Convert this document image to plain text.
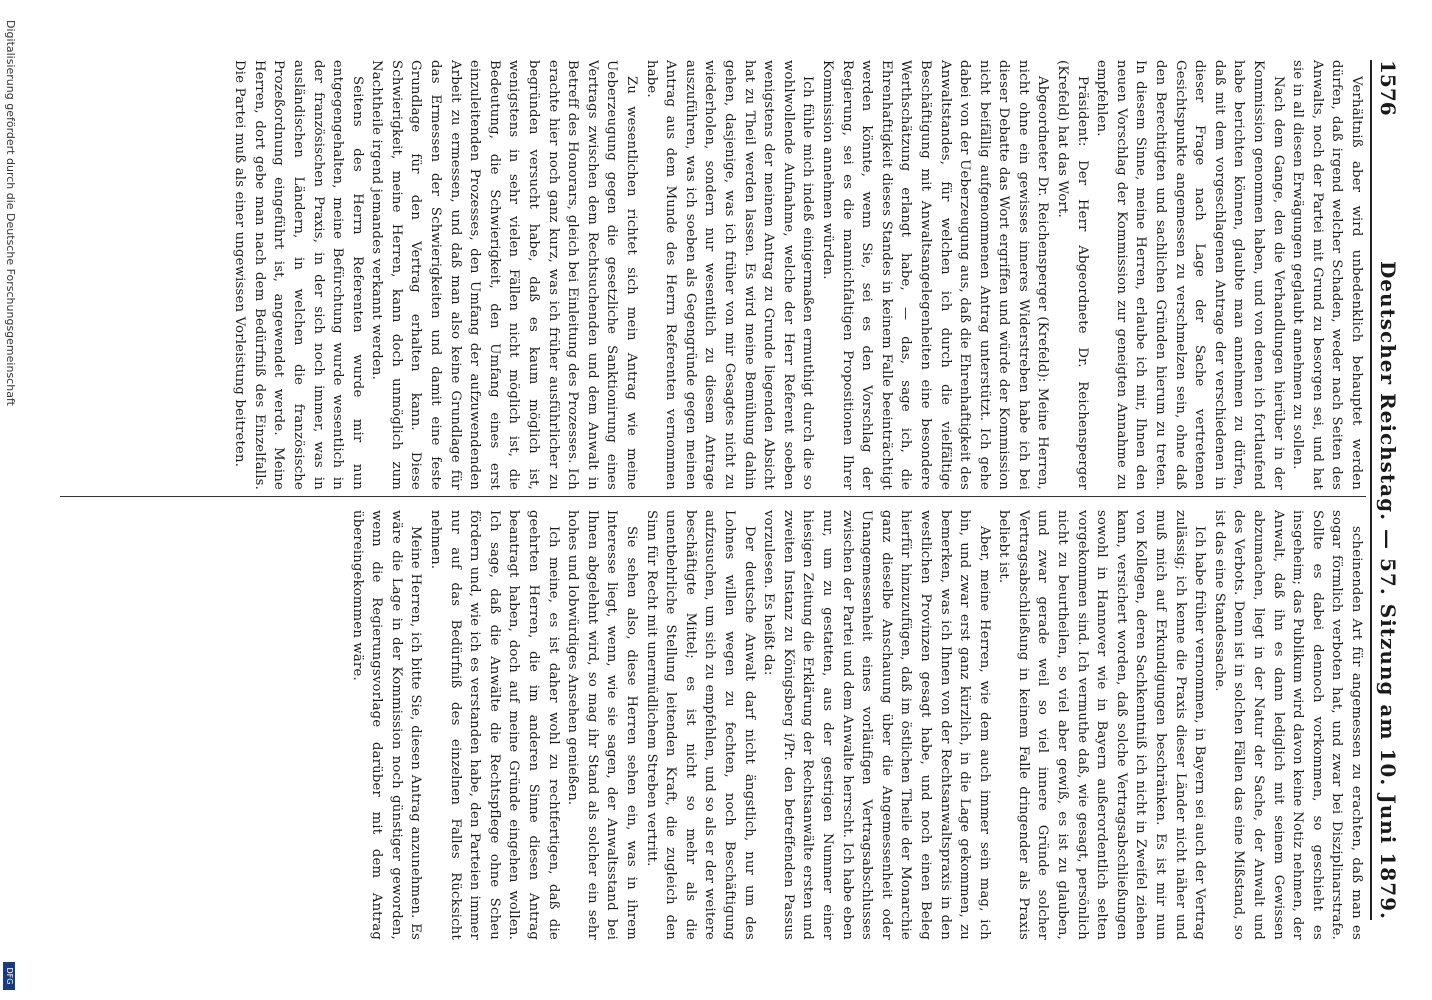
1576
Deutscher Reichstag. — 57. Sitzung am 10. Juni 1879.

Verhältniß aber wird unbedenklich behauptet werden dürfen, daß irgend welcher Schaden, weder nach Seiten des Anwalts, noch der Partei mit Grund zu besorgen sei, und hat sie in all diesen Erwägungen geglaubt annehmen zu sollen.

Nach dem Gange, den die Verhandlungen hierüber in der Kommission genommen haben, und von denen ich fortlaufend habe berichten können, glaubte man annehmen zu dürfen, daß mit dem vorgeschlagenen Antrage der verschiedenen in dieser Frage nach Lage der Sache vertretenen Gesichtspunkte angemessen zu verschmelzen sein, ohne daß den Berechtigten und sachlichen Gründen hierum zu treten. In diesem Sinne, meine Herren, erlaube ich mir, Ihnen den neuen Vorschlag der Kommission zur geneigten Annahme zu empfehlen.

Präsident: Der Herr Abgeordnete Dr. Reichensperger (Krefeld) hat das Wort.

Abgeordneter Dr. Reichensperger (Krefeld): Meine Herren, nicht ohne ein gewisses inneres Widerstreben habe ich bei dieser Debatte das Wort ergriffen und würde der Kommission nicht beifällig aufgenommenen Antrag unterstützt. Ich gehe dabei von der Ueberzeugung aus, daß die Ehrenhaftigkeit des Anwaltstandes, für welchen ich durch die vielfältige Beschäftigung mit Anwaltsangelegenheiten eine besondere Werthschätzung erlangt habe, — das, sage ich, die Ehrenhaftigkeit dieses Standes in keinem Falle beeinträchtigt werden könnte, wenn Sie, sei es den Vorschlag der Regierung, sei es die mannichfaltigen Propositionen Ihrer Kommission annehmen würden.

Ich fühle mich indeß einigermaßen ermuthigt durch die so wohlwollende Aufnahme, welche der Herr Referent soeben wenigstens der meinem Antrag zu Grunde liegenden Absicht hat zu Theil werden lassen. Es wird meine Bemühung dahin gehen, dasjenige, was ich früher von mir Gesagtes nicht zu wiederholen, sondern nur wesentlich zu diesem Antrage auszuführen, was ich soeben als Gegengründe gegen meinen Antrag aus dem Munde des Herrn Referenten vernommen habe.

Zu wesentlichen richtet sich mein Antrag wie meine Ueberzeugung gegen die gesetzliche Sanktionirung eines Vertrags zwischen dem Rechtsuchenden und dem Anwalt in Betreff des Honorars, gleich bei Einleitung des Prozesses. Ich erachte hier noch ganz kurz, was ich früher ausführlicher zu begründen versucht habe, daß es kaum möglich ist, wenigstens in sehr vielen Fällen nicht möglich ist, die Bedeutung, die Schwierigkeit, den Umfang eines erst einzuleitenden Prozesses, den Umfang der aufzuwendenden Arbeit zu ermessen, und daß man also keine Grundlage für das Ermessen der Schwierigkeiten und damit eine feste Grundlage für den Vertrag erhalten kann. Diese Schwierigkeit, meine Herren, kann doch unmöglich zum Nachtheile irgend jemandes verkannt werden.

Seitens des Herrn Referenten wurde mir nun entgegengehalten, meine Befürchtung wurde wesentlich in der französischen Praxis, in der sich noch immer, was in ausländischen Ländern, in welchen die französische Prozeßordnung eingeführt ist, angewendet werde. Meine Herren, dort gebe man nach dem Bedürfniß des Einzelfalls. Die Partei muß als einer ungewissen Vorleistung beitreten.

scheinenden Art für angemessen zu erachten, daß man es sogar förmlich verboten hat, und zwar bei Disziplinarstrafe. Sollte es dabei dennoch vorkommen, so geschieht es insgeheim; das Publikum wird davon keine Notiz nehmen, der Anwalt, daß ihn es dann lediglich mit seinem Gewissen abzumachen, liegt in der Natur der Sache, der Anwalt und des Verbots. Denn ist in solchen Fällen das eine Mißstand, so ist das eine Standessache.

Ich habe früher vernommen, in Bayern sei auch der Vertrag zulässig; ich kenne die Praxis dieser Länder nicht näher und muß mich auf Erkundigungen beschränken. Es ist mir nun von Kollegen, deren Sachkenntniß ich nicht in Zweifel ziehen kann, versichert worden, daß solche Vertragsabschließungen sowohl in Hannover wie in Bayern außerordentlich selten vorgekommen sind. Ich vermuthe daß, wie gesagt, persönlich nicht zu beurtheilen, so viel aber gewiß, es ist zu glauben, und zwar gerade weil so viel innere Gründe solcher Vertragsabschließung in keinem Falle dringender als Praxis beliebt ist.

Aber, meine Herren, wie dem auch immer sein mag, ich bin, und zwar erst ganz kürzlich, in die Lage gekommen, zu bemerken, was ich Ihnen von der Rechtsanwaltspraxis in den westlichen Provinzen gesagt habe, und noch einen Beleg hierfür hinzuzufügen, daß im östlichen Theile der Monarchie ganz dieselbe Anschauung über die Angemessenheit oder Unangemessenheit eines vorläufigen Vertragsabschlusses zwischen der Partei und dem Anwalte herrscht. Ich habe eben nur, um zu gestatten, aus der gestrigen Nummer einer hiesigen Zeitung die Erklärung der Rechtsanwälte ersten und zweiten Instanz zu Königsberg i/Pr. den betreffenden Passus vorzulesen. Es heißt da:

Der deutsche Anwalt darf nicht ängstlich, nur um des Lohnes willen wegen zu fechten, noch Beschäftigung aufzusuchen, um sich zu empfehlen, und so als er der weitere beschäftigte Mittel; es ist nicht so mehr als die unentbehrliche Stellung leitenden Kraft, die zugleich den Sinn für Recht mit unermüdlichem Streben vertritt.

Sie sehen also, diese Herren sehen ein, was in ihrem Interesse liegt, wenn, wie sie sagen, der Anwaltsstand bei Ihnen abgelehnt wird, so mag ihr Stand als solcher ein sehr hohes und lobwürdiges Ansehen genießen.

Ich meine, es ist daher wohl zu rechtfertigen, daß die geehrten Herren, die im anderen Sinne diesen Antrag beantragt haben, doch auf meine Gründe eingehen wollen. Ich sage, daß die Anwälte die Rechtspflege ohne Scheu fördern und, wie ich es verstanden habe, den Parteien immer nur auf das Bedürfniß des einzelnen Falles Rücksicht nehmen.

Meine Herren, ich bitte Sie, diesen Antrag anzunehmen. Es wäre die Lage in der Kommission noch günstiger geworden, wenn die Regierungsvorlage darüber mit dem Antrag übereingekommen wäre.

Digitalisierung gefördert durch die Deutsche Forschungsgemeinschaft
DFG
